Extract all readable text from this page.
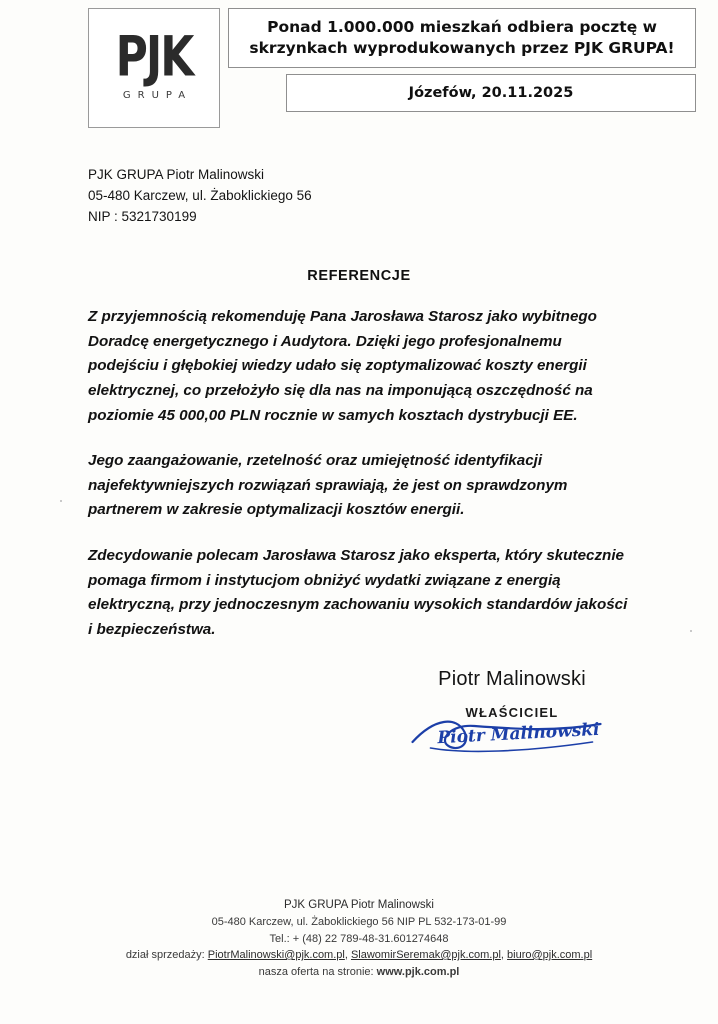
PJK
GRUPA
Ponad 1.000.000 mieszkań odbiera pocztę w skrzynkach wyprodukowanych przez PJK GRUPA!
Józefów, 20.11.2025
PJK GRUPA Piotr Malinowski
05-480 Karczew, ul. Żaboklickiego 56
NIP : 5321730199
REFERENCJE

Z przyjemnością rekomenduję Pana Jarosława Starosz jako wybitnego Doradcę energetycznego i Audytora. Dzięki jego profesjonalnemu podejściu i głębokiej wiedzy udało się zoptymalizować koszty energii elektrycznej, co przełożyło się dla nas na imponującą oszczędność na poziomie 45 000,00 PLN rocznie w samych kosztach dystrybucji EE.

Jego zaangażowanie, rzetelność oraz umiejętność identyfikacji najefektywniejszych rozwiązań sprawiają, że jest on sprawdzonym partnerem w zakresie optymalizacji kosztów energii.

Zdecydowanie polecam Jarosława Starosz jako eksperta, który skutecznie pomaga firmom i instytucjom obniżyć wydatki związane z energią elektryczną, przy jednoczesnym zachowaniu wysokich standardów jakości i bezpieczeństwa.

Piotr Malinowski
WŁAŚCICIEL
Piotr Malinowski
PJK GRUPA Piotr Malinowski
05-480 Karczew, ul. Żaboklickiego 56 NIP PL 532-173-01-99
Tel.: + (48) 22 789-48-31.601274648
dział sprzedaży: PiotrMalinowski@pjk.com.pl, SlawomirSeremak@pjk.com.pl, biuro@pjk.com.pl
nasza oferta na stronie: www.pjk.com.pl
